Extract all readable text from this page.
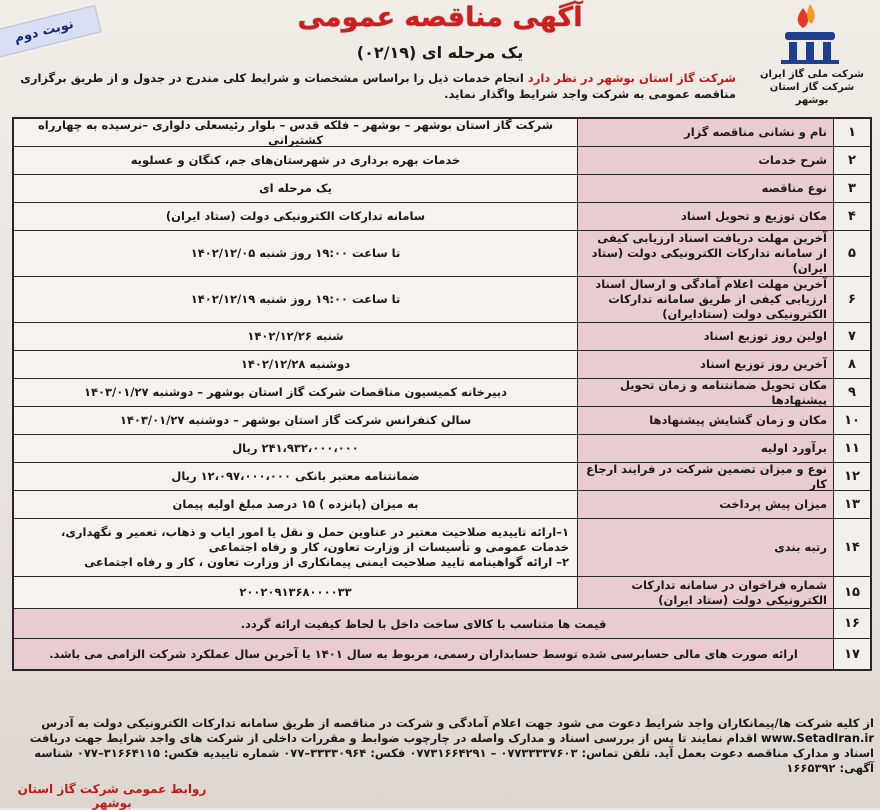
نوبت دوم	آگهی مناقصه عمومی
یک مرحله ای (۰۲/۱۹)
شرکت ملی گاز ایران
شرکت گاز استان بوشهر
شرکت گاز استان بوشهر در نظر دارد انجام خدمات ذیل را براساس مشخصات و شرایط کلی مندرج در جدول و از طریق برگزاری مناقصه عمومی به شرکت واجد شرایط واگذار نماید.
۱
نام و نشانی مناقصه گزار
شرکت گاز استان بوشهر – بوشهر – فلکه قدس – بلوار رئیسعلی دلواری –نرسیده به چهارراه کشتیرانی
۲
شرح خدمات
خدمات بهره برداری در شهرستان‌های جم، کنگان و عسلویه
۳
نوع مناقصه
یک مرحله ای
۴
مکان توزیع و تحویل اسناد
سامانه تدارکات الکترونیکی دولت (ستاد ایران)
۵
آخرین مهلت دریافت اسناد ارزیابی کیفی از سامانه تدارکات الکترونیکی دولت (ستاد ایران)
تا ساعت ۱۹:۰۰ روز شنبه ۱۴۰۲/۱۲/۰۵
۶
آخرین مهلت اعلام آمادگی و ارسال اسناد ارزیابی کیفی از طریق سامانه تدارکات الکترونیکی دولت (ستادایران)
تا ساعت ۱۹:۰۰ روز شنبه ۱۴۰۲/۱۲/۱۹
۷
اولین روز توزیع اسناد
شنبه ۱۴۰۲/۱۲/۲۶
۸
آخرین روز توزیع اسناد
دوشنبه ۱۴۰۲/۱۲/۲۸
۹
مکان تحویل ضمانتنامه و زمان تحویل پیشنهادها
دبیرخانه کمیسیون مناقصات شرکت گاز استان بوشهر – دوشنبه ۱۴۰۳/۰۱/۲۷
۱۰
مکان و زمان گشایش پیشنهادها
سالن کنفرانس شرکت گاز استان بوشهر – دوشنبه ۱۴۰۳/۰۱/۲۷
۱۱
برآورد اولیه
۲۴۱،۹۳۲،۰۰۰،۰۰۰ ریال
۱۲
نوع و میزان تضمین شرکت در فرایند ارجاع کار
ضمانتنامه معتبر بانکی ۱۲،۰۹۷،۰۰۰،۰۰۰ ریال
۱۳
میزان پیش پرداخت
به میزان (پانزده ) ۱۵ درصد مبلغ اولیه پیمان
۱۴
رتبه بندی
۱–ارائه تاییدیه صلاحیت معتبر در عناوین حمل و نقل یا امور ایاب و ذهاب، تعمیر و نگهداری، خدمات عمومی و تأسیسات از وزارت تعاون، کار و رفاه اجتماعی
۲– ارائه گواهینامه تایید صلاحیت ایمنی پیمانکاری از وزارت تعاون ، کار و رفاه اجتماعی
۱۵
شماره فراخوان در سامانه تدارکات الکترونیکی دولت (ستاد ایران)
۲۰۰۲۰۹۱۳۶۸۰۰۰۰۳۳
۱۶
قیمت ها متناسب با کالای ساخت داخل با لحاظ کیفیت ارائه گردد.
۱۷
ارائه صورت های مالی حسابرسی شده توسط حسابداران رسمی، مربوط به سال ۱۴۰۱ یا آخرین سال عملکرد شرکت الزامی می باشد.
از کلیه شرکت ها/پیمانکاران واجد شرایط دعوت می شود جهت اعلام آمادگی و شرکت در مناقصه از طریق سامانه تدارکات الکترونیکی دولت به آدرس www.SetadIran.ir اقدام نمایند تا پس از بررسی اسناد و مدارک واصله در چارچوب ضوابط و مقررات داخلی از شرکت های واجد شرایط جهت دریافت اسناد و مدارک مناقصه دعوت بعمل آید. تلفن تماس: ۰۷۷۳۳۳۳۷۶۰۳ – ۰۷۷۳۱۶۶۴۲۹۱ فکس: ۳۳۳۳۰۹۶۴–۰۷۷ شماره تاییدیه فکس: ۳۱۶۶۴۱۱۵–۰۷۷ شناسه آگهی: ۱۶۶۵۳۹۲
روابط عمومی شرکت گاز استان بوشهر
